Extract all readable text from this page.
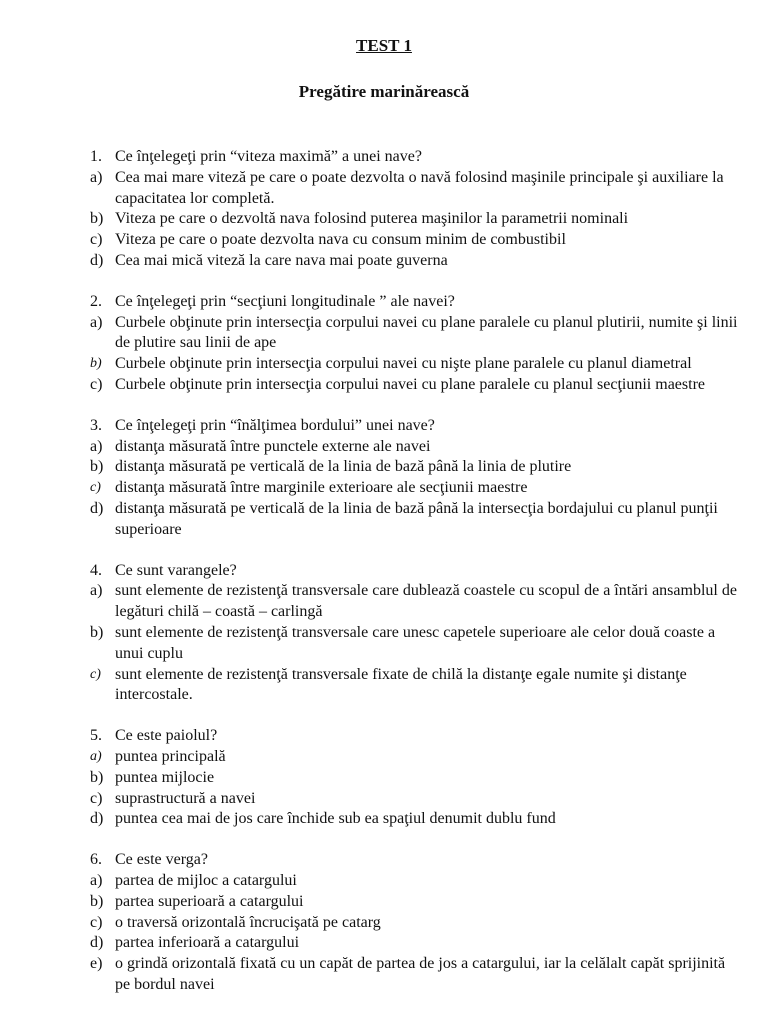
TEST 1
Pregătire marinărească
1. Ce înţelegeţi prin “viteza maximă” a unei nave?
a) Cea mai mare viteză pe care o poate dezvolta o navă folosind maşinile principale şi auxiliare la capacitatea lor completă.
b) Viteza pe care o dezvoltă nava folosind puterea maşinilor la parametrii nominali
c) Viteza pe care o poate dezvolta nava cu consum minim de combustibil
d) Cea mai mică viteză la care nava mai poate guverna
2. Ce înţelegeţi prin “secţiuni longitudinale ” ale navei?
a) Curbele obţinute prin intersecţia corpului navei cu plane paralele cu planul plutirii, numite şi linii de plutire sau linii de ape
b) Curbele obţinute prin intersecţia corpului navei cu nişte plane paralele cu planul diametral
c) Curbele obţinute prin intersecţia corpului navei cu plane paralele cu planul secţiunii maestre
3. Ce înţelegeţi prin “înălţimea bordului” unei nave?
a) distanţa măsurată între punctele externe ale navei
b) distanţa măsurată pe verticală de la linia de bază până la linia de plutire
c) distanţa măsurată între marginile exterioare ale secţiunii maestre
d) distanţa măsurată pe verticală de la linia de bază până la intersecţia bordajului cu planul punţii superioare
4. Ce sunt varangele?
a) sunt elemente de rezistenţă transversale care dublează coastele cu scopul de a întări ansamblul de legături chilă – coastă – carlingă
b) sunt elemente de rezistenţă transversale care unesc capetele superioare ale celor două coaste a unui cuplu
c) sunt elemente de rezistenţă transversale fixate de chilă la distanţe egale numite şi distanţe intercostale.
5. Ce este paiolul?
a) puntea principală
b) puntea mijlocie
c) suprastructură a navei
d) puntea cea mai de jos care închide sub ea spaţiul denumit dublu fund
6. Ce este verga?
a) partea de mijloc a catargului
b) partea superioară a catargului
c) o traversă orizontală încrucişată pe catarg
d) partea inferioară a catargului
e) o grindă orizontală fixată cu un capăt de partea de jos a catargului, iar la celălalt capăt sprijinită pe bordul navei
